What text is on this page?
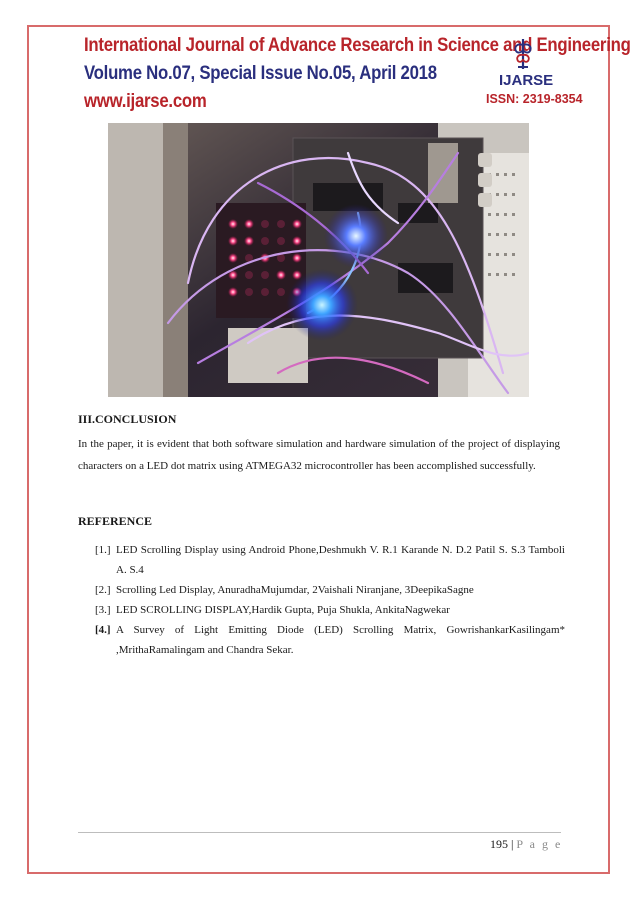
International Journal of Advance Research in Science and Engineering
Volume No.07, Special Issue No.05, April 2018
www.ijarse.com
IJARSE
ISSN: 2319-8354
III.CONCLUSION
In the paper, it is evident that both software simulation and hardware simulation of the project of displaying characters on a LED dot matrix using ATMEGA32 microcontroller has been accomplished successfully.
REFERENCE
[1.] LED Scrolling Display using Android Phone,Deshmukh V. R.1 Karande N. D.2 Patil S. S.3 Tamboli A. S.4
[2.] Scrolling Led Display, AnuradhaMujumdar, 2Vaishali Niranjane, 3DeepikaSagne
[3.] LED SCROLLING DISPLAY,Hardik Gupta, Puja Shukla, AnkitaNagwekar
[4.] A Survey of Light Emitting Diode (LED) Scrolling Matrix, GowrishankarKasilingam* ,MrithaRamalingam and Chandra Sekar.
195 | P a g e
